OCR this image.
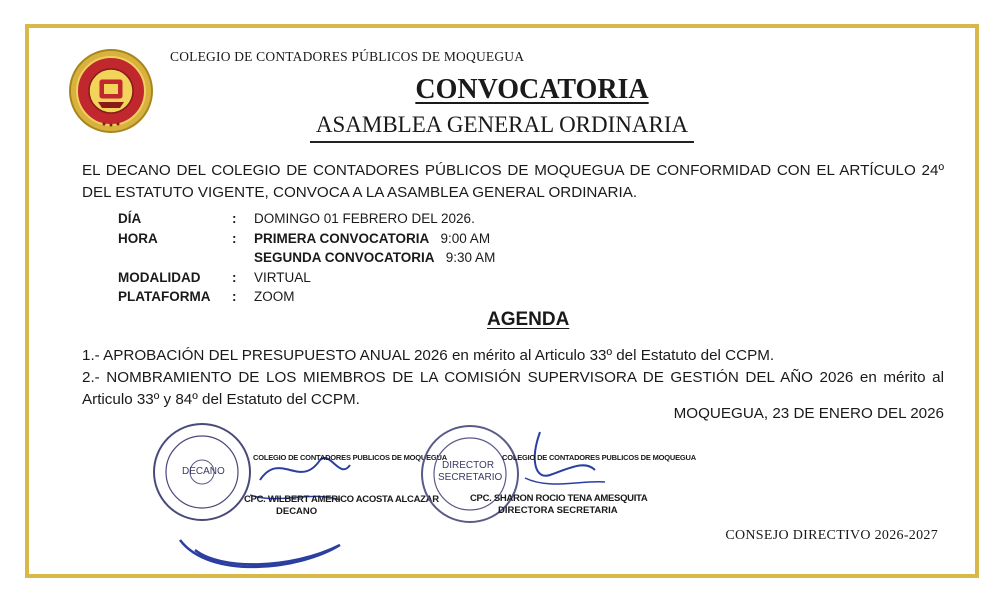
COLEGIO DE CONTADORES PÚBLICOS DE MOQUEGUA
CONVOCATORIA
ASAMBLEA GENERAL ORDINARIA

EL DECANO DEL COLEGIO DE CONTADORES PÚBLICOS DE MOQUEGUA DE CONFORMIDAD CON EL ARTÍCULO 24º DEL ESTATUTO VIGENTE, CONVOCA A LA ASAMBLEA GENERAL ORDINARIA.

DÍA	: DOMINGO 01 FEBRERO DEL 2026.
HORA	: PRIMERA CONVOCATORIA 9:00 AM
SEGUNDA CONVOCATORIA 9:30 AM
MODALIDAD	: VIRTUAL
PLATAFORMA	: ZOOM
AGENDA

1.- APROBACIÓN DEL PRESUPUESTO ANUAL 2026 en mérito al Articulo 33º del Estatuto del CCPM.

2.- NOMBRAMIENTO DE LOS MIEMBROS DE LA COMISIÓN SUPERVISORA DE GESTIÓN DEL AÑO 2026 en mérito al Articulo 33º y 84º del Estatuto del CCPM.

MOQUEGUA, 23 DE ENERO DEL 2026
DECANO
COLEGIO DE CONTADORES PUBLICOS DE MOQUEGUA
CPC. WILBERT AMERICO ACOSTA ALCAZAR
DECANO
DIRECTOR
SECRETARIO
COLEGIO DE CONTADORES PUBLICOS DE MOQUEGUA
CPC. SHARON ROCIO TENA AMESQUITA
DIRECTORA SECRETARIA
CONSEJO DIRECTIVO 2026-2027
